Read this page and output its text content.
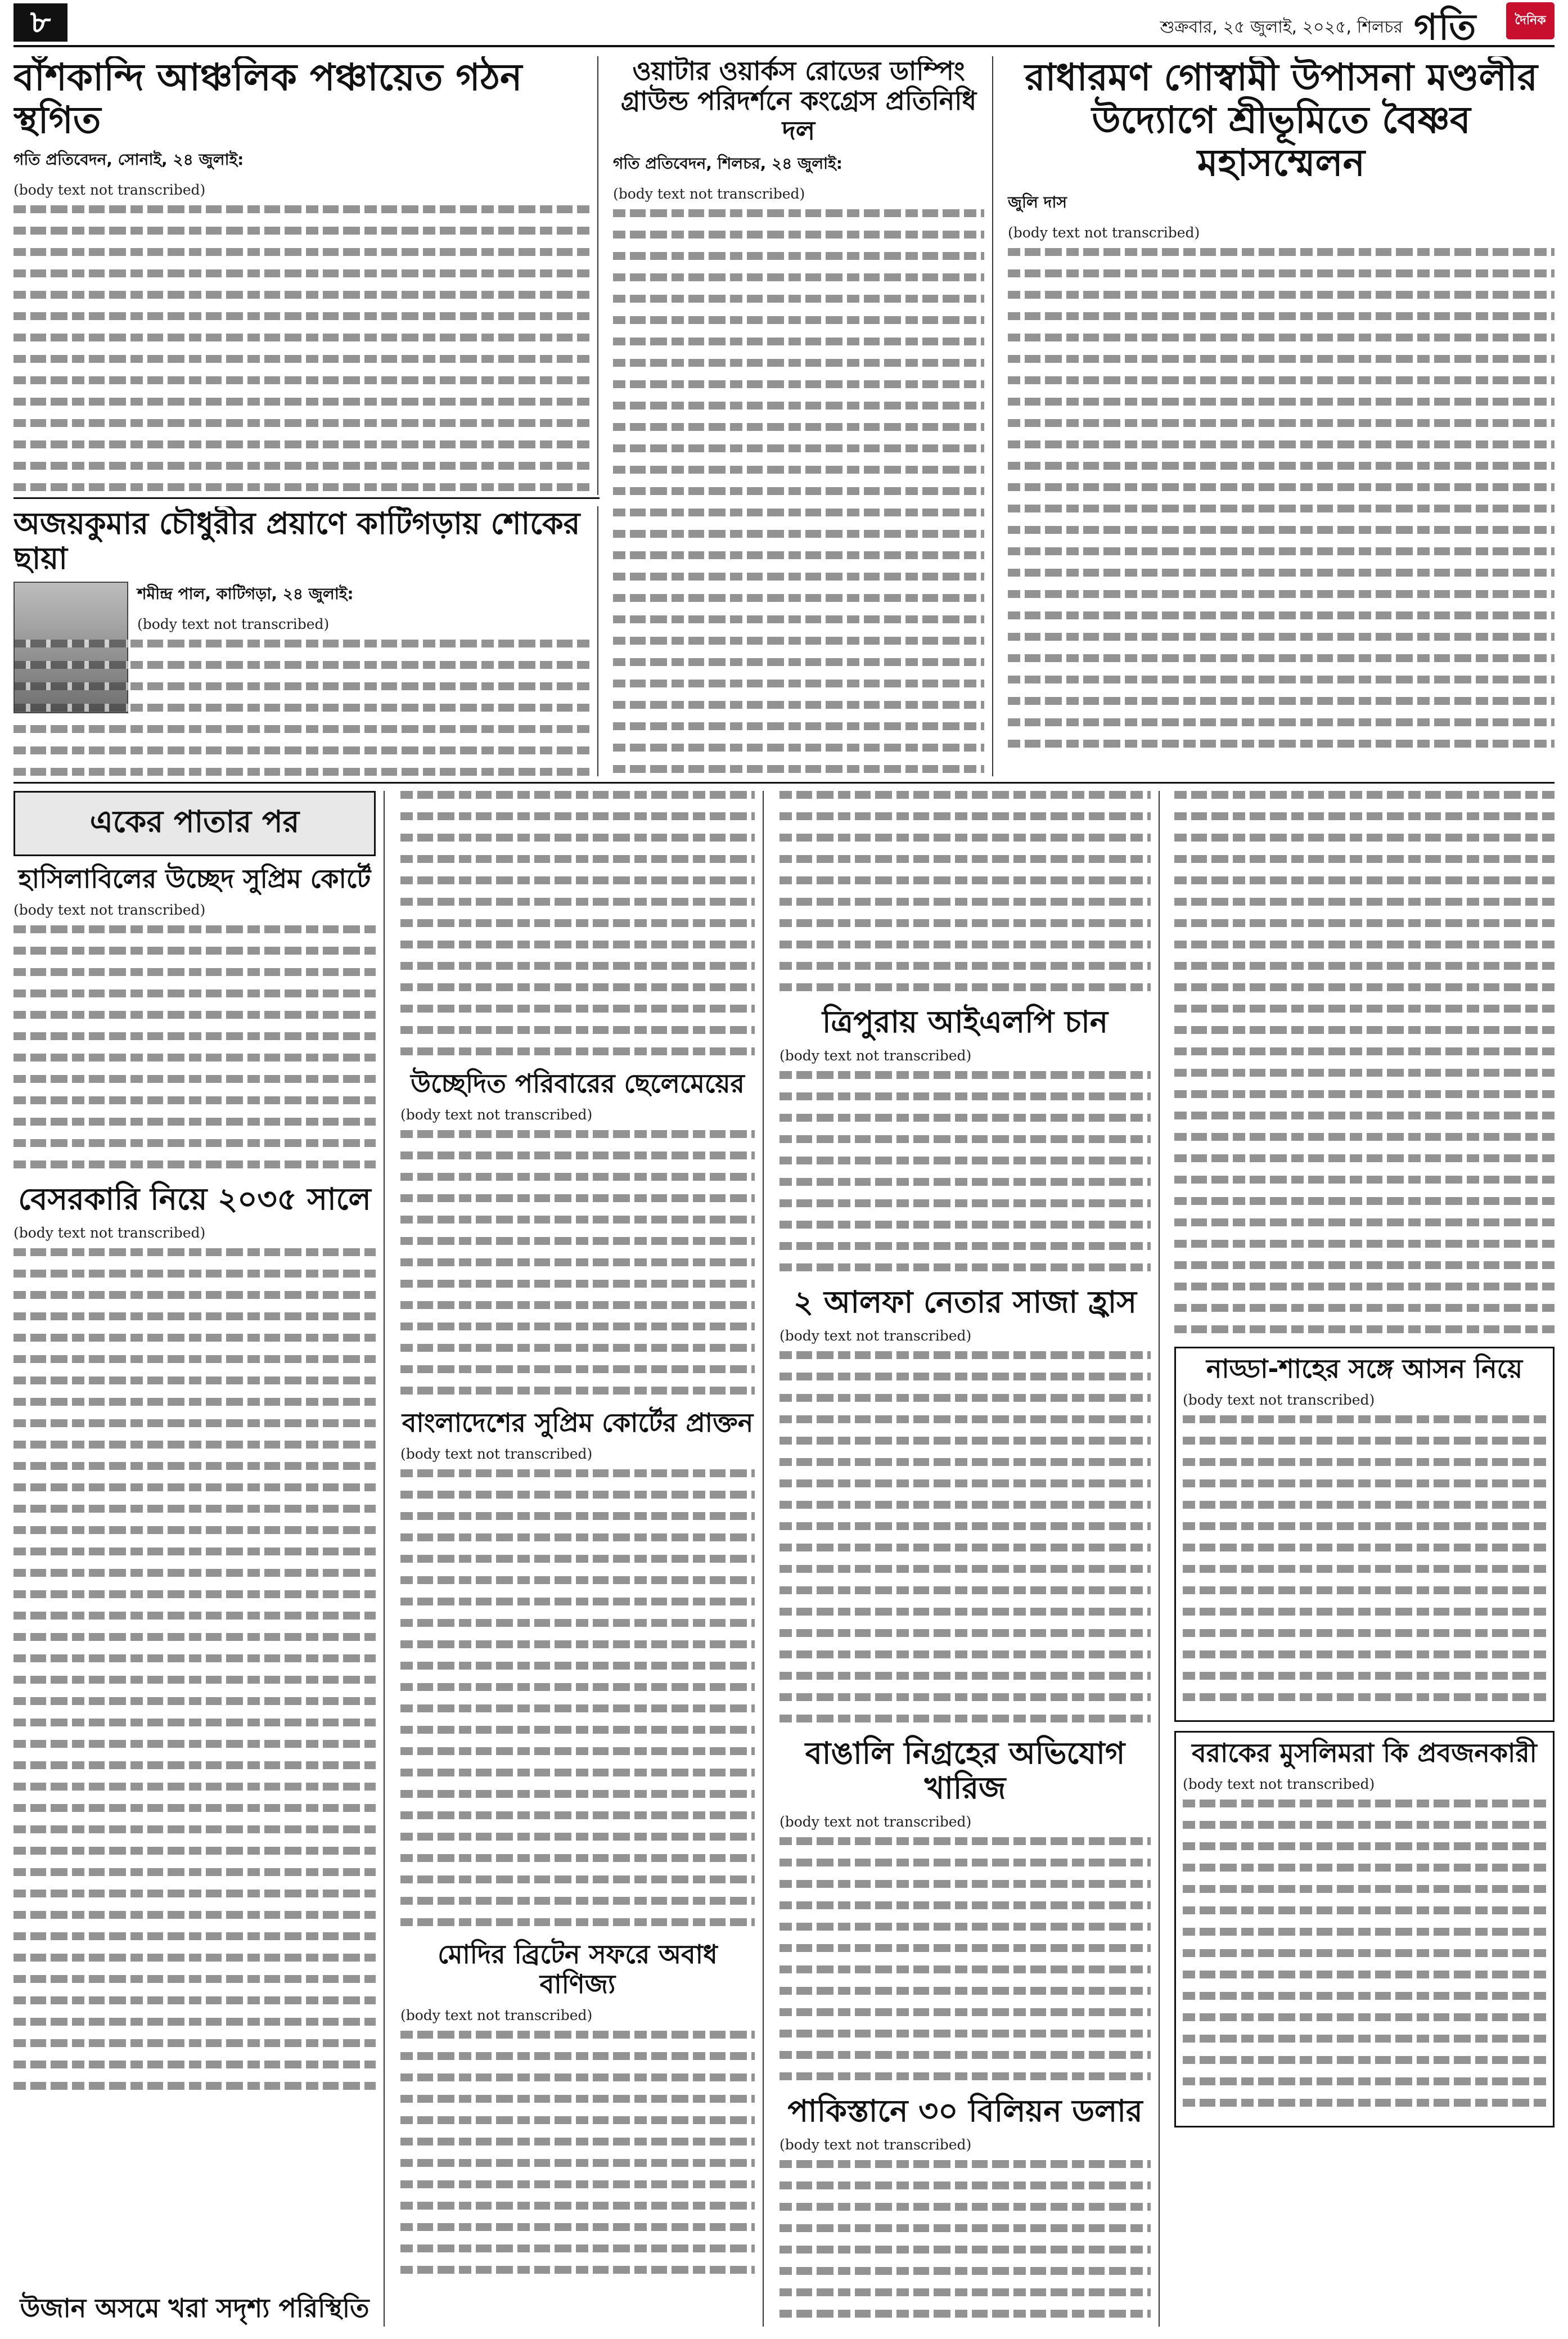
৮	শুক্রবার, ২৫ জুলাই, ২০২৫, শিলচর গতি	দৈনিক
বাঁশকান্দি আঞ্চলিক পঞ্চায়েত গঠন স্থগিত
গতি প্রতিবেদন, সোনাই, ২৪ জুলাই:

(body text not transcribed)

ওয়াটার ওয়ার্কস রোডের ডাম্পিং গ্রাউন্ড পরিদর্শনে কংগ্রেস প্রতিনিধি দল
গতি প্রতিবেদন, শিলচর, ২৪ জুলাই:

(body text not transcribed)

রাধারমণ গোস্বামী উপাসনা মণ্ডলীর উদ্যোগে শ্রীভূমিতে বৈষ্ণব মহাসম্মেলন
জুলি দাস

(body text not transcribed)

অজয়কুমার চৌধুরীর প্রয়াণে কাটিগড়ায় শোকের ছায়া
শমীন্দ্র পাল, কাটিগড়া, ২৪ জুলাই:

(body text not transcribed)

একের পাতার পর
হাসিলাবিলের উচ্ছেদ সুপ্রিম কোর্টে

(body text not transcribed)

বেসরকারি নিয়ে ২০৩৫ সালে

(body text not transcribed)

উজান অসমে খরা সদৃশ্য পরিস্থিতি
উচ্ছেদিত পরিবারের ছেলেমেয়ের

(body text not transcribed)

বাংলাদেশের সুপ্রিম কোর্টের প্রাক্তন

(body text not transcribed)

মোদির ব্রিটেন সফরে অবাধ বাণিজ্য

(body text not transcribed)

ত্রিপুরায় আইএলপি চান

(body text not transcribed)

২ আলফা নেতার সাজা হ্রাস

(body text not transcribed)

বাঙালি নিগ্রহের অভিযোগ খারিজ

(body text not transcribed)

পাকিস্তানে ৩০ বিলিয়ন ডলার

(body text not transcribed)

নাড্ডা-শাহের সঙ্গে আসন নিয়ে

(body text not transcribed)

বরাকের মুসলিমরা কি প্রবজনকারী

(body text not transcribed)
